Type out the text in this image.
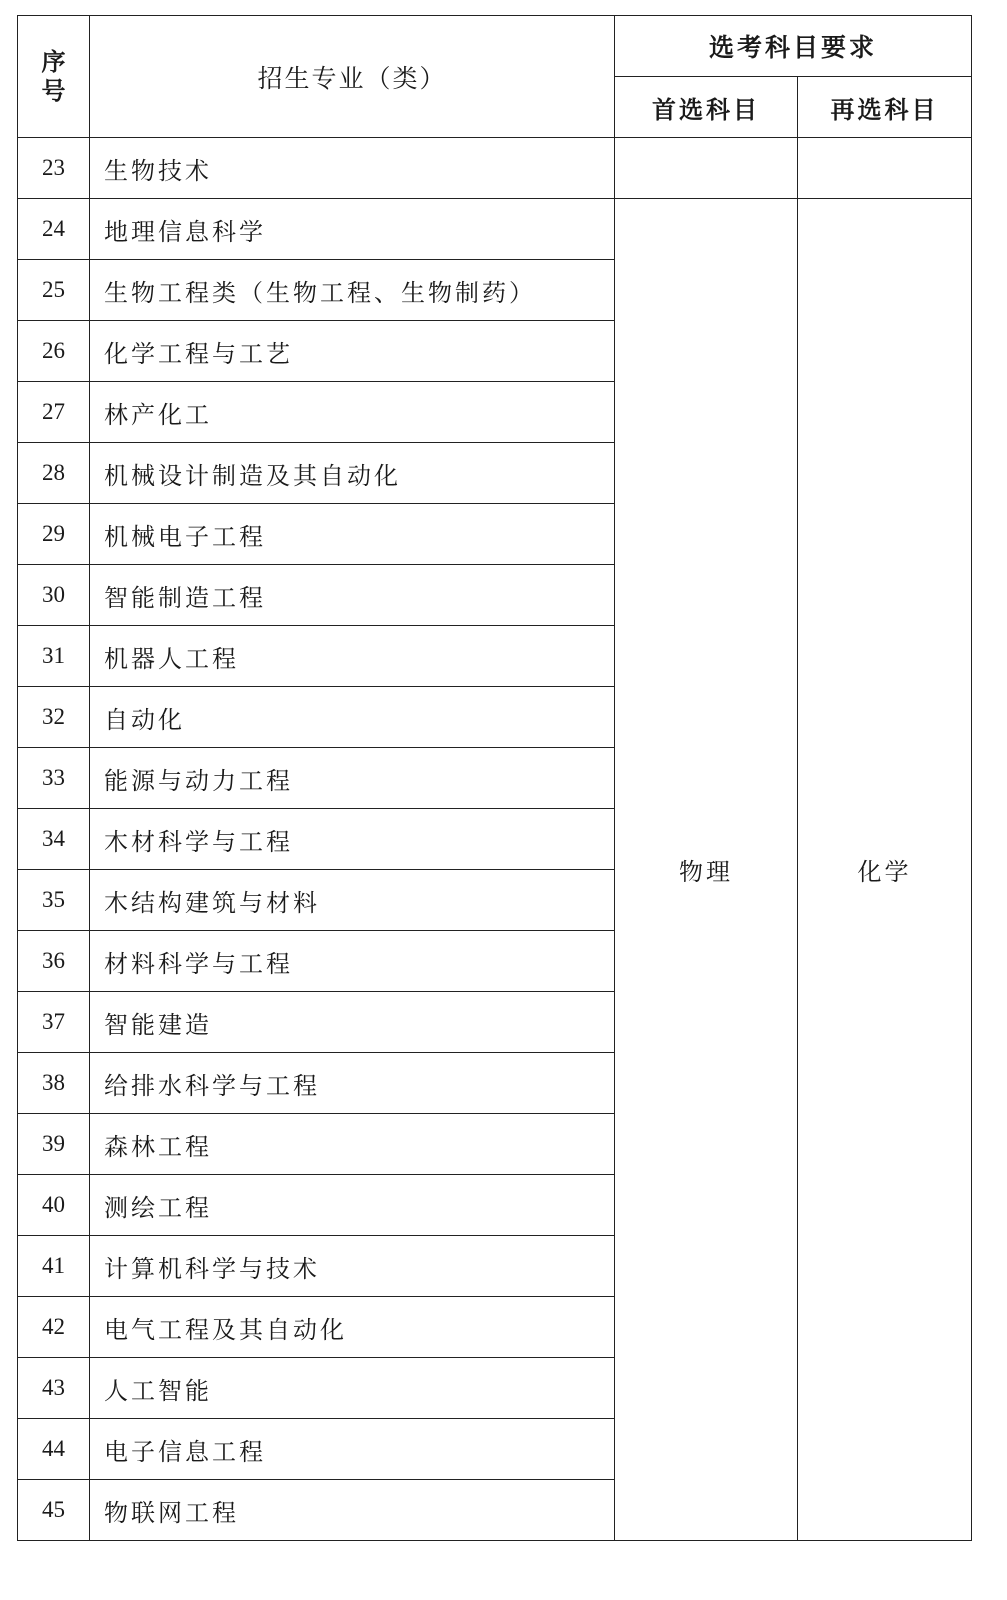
序
号	招生专业（类）	选考科目要求	
		首选科目	再选科目
23	生物技术		
24	地理信息科学	物理	化学
25	生物工程类（生物工程、生物制药）		
26	化学工程与工艺		
27	林产化工		
28	机械设计制造及其自动化		
29	机械电子工程		
30	智能制造工程		
31	机器人工程		
32	自动化		
33	能源与动力工程		
34	木材科学与工程		
35	木结构建筑与材料		
36	材料科学与工程		
37	智能建造		
38	给排水科学与工程		
39	森林工程		
40	测绘工程		
41	计算机科学与技术		
42	电气工程及其自动化		
43	人工智能		
44	电子信息工程		
45	物联网工程		
